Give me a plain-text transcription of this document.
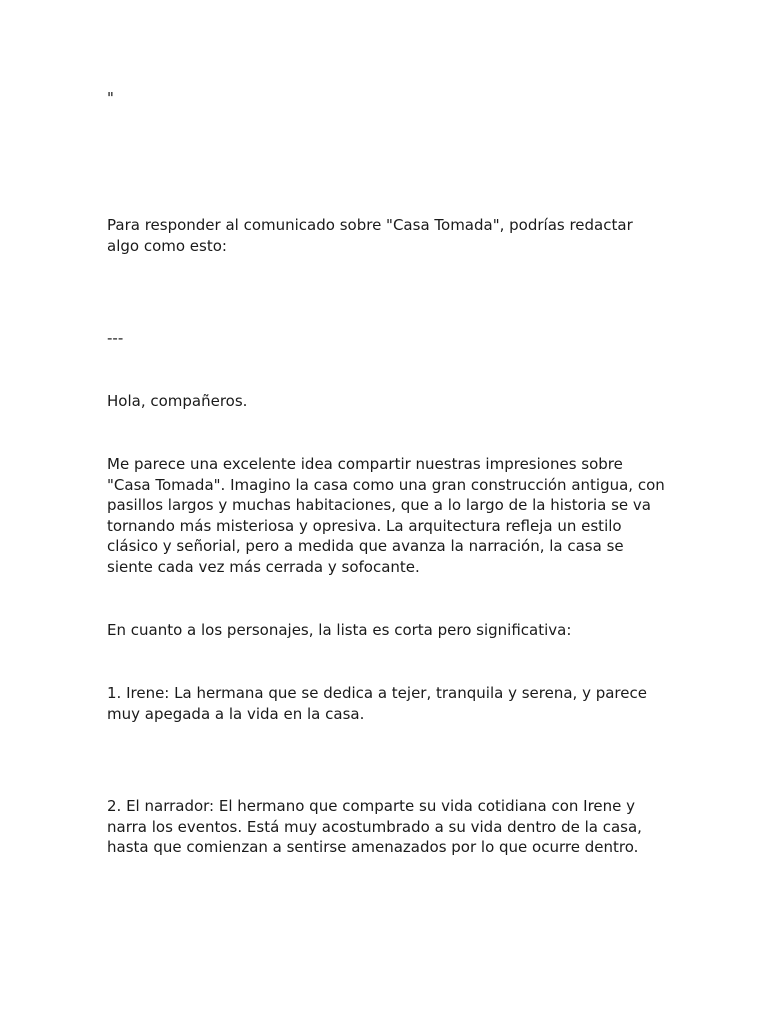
"

Para responder al comunicado sobre "Casa Tomada", podrías redactar algo como esto:

---

Hola, compañeros.

Me parece una excelente idea compartir nuestras impresiones sobre "Casa Tomada". Imagino la casa como una gran construcción antigua, con pasillos largos y muchas habitaciones, que a lo largo de la historia se va tornando más misteriosa y opresiva. La arquitectura refleja un estilo clásico y señorial, pero a medida que avanza la narración, la casa se siente cada vez más cerrada y sofocante.

En cuanto a los personajes, la lista es corta pero significativa:

1. Irene: La hermana que se dedica a tejer, tranquila y serena, y parece muy apegada a la vida en la casa.

2. El narrador: El hermano que comparte su vida cotidiana con Irene y narra los eventos. Está muy acostumbrado a su vida dentro de la casa, hasta que comienzan a sentirse amenazados por lo que ocurre dentro.
